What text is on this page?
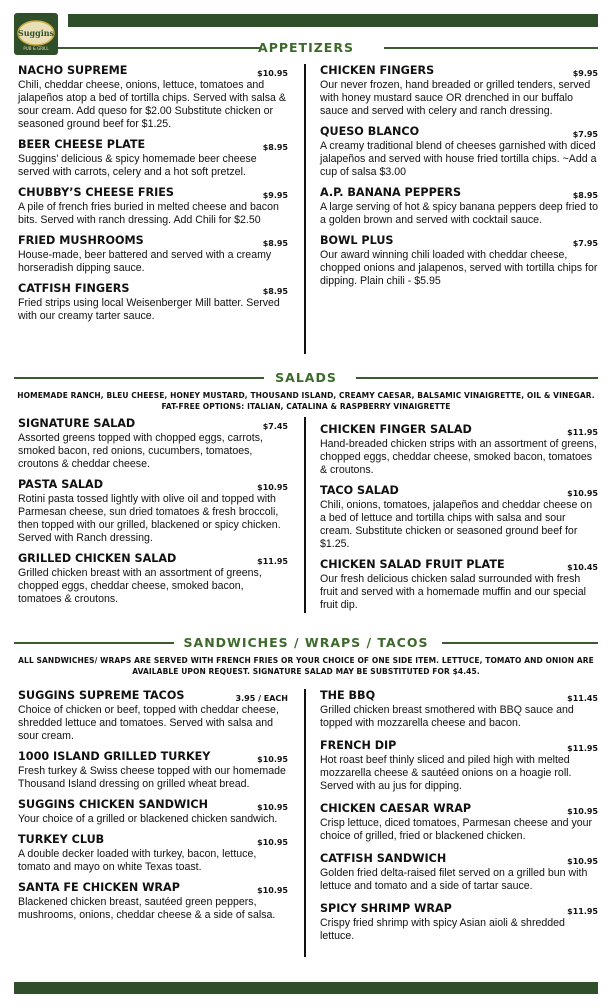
Suggins
PUB & GRILL	APPETIZERS
NACHO SUPREME	$10.95
Chili, cheddar cheese, onions, lettuce, tomatoes and jalapeños atop a bed of tortilla chips. Served with salsa & sour cream. Add queso for $2.00 Substitute chicken or seasoned ground beef for $1.25.
BEER CHEESE PLATE	$8.95
Suggins’ delicious & spicy homemade beer cheese served with carrots, celery and a hot soft pretzel.
CHUBBY’S CHEESE FRIES	$9.95
A pile of french fries buried in melted cheese and bacon bits. Served with ranch dressing. Add Chili for $2.50
FRIED MUSHROOMS	$8.95
House-made, beer battered and served with a creamy horseradish dipping sauce.
CATFISH FINGERS	$8.95
Fried strips using local Weisenberger Mill batter. Served with our creamy tarter sauce.
CHICKEN FINGERS	$9.95
Our never frozen, hand breaded or grilled tenders, served with honey mustard sauce OR drenched in our buffalo sauce and served with celery and ranch dressing.
QUESO BLANCO	$7.95
A creamy traditional blend of cheeses garnished with diced jalapeños and served with house fried tortilla chips. ~Add a cup of salsa $3.00
A.P. BANANA PEPPERS	$8.95
A large serving of hot & spicy banana peppers deep fried to a golden brown and served with cocktail sauce.
BOWL PLUS	$7.95
Our award winning chili loaded with cheddar cheese, chopped onions and jalapenos, served with tortilla chips for dipping. Plain chili - $5.95
SALADS
HOMEMADE RANCH, BLEU CHEESE, HONEY MUSTARD, THOUSAND ISLAND, CREAMY CAESAR, BALSAMIC VINAIGRETTE, OIL & VINEGAR. FAT-FREE OPTIONS: ITALIAN, CATALINA & RASPBERRY VINAIGRETTE
SIGNATURE SALAD	$7.45
Assorted greens topped with chopped eggs, carrots, smoked bacon, red onions, cucumbers, tomatoes, croutons & cheddar cheese.
PASTA SALAD	$10.95
Rotini pasta tossed lightly with olive oil and topped with Parmesan cheese, sun dried tomatoes & fresh broccoli, then topped with our grilled, blackened or spicy chicken. Served with Ranch dressing.
GRILLED CHICKEN SALAD	$11.95
Grilled chicken breast with an assortment of greens, chopped eggs, cheddar cheese, smoked bacon, tomatoes & croutons.
CHICKEN FINGER SALAD	$11.95
Hand-breaded chicken strips with an assortment of greens, chopped eggs, cheddar cheese, smoked bacon, tomatoes & croutons.
TACO SALAD	$10.95
Chili, onions, tomatoes, jalapeños and cheddar cheese on a bed of lettuce and tortilla chips with salsa and sour cream. Substitute chicken or seasoned ground beef for $1.25.
CHICKEN SALAD FRUIT PLATE	$10.45
Our fresh delicious chicken salad surrounded with fresh fruit and served with a homemade muffin and our special fruit dip.
SANDWICHES / WRAPS / TACOS
ALL SANDWICHES/ WRAPS ARE SERVED WITH FRENCH FRIES OR YOUR CHOICE OF ONE SIDE ITEM. LETTUCE, TOMATO AND ONION ARE AVAILABLE UPON REQUEST. SIGNATURE SALAD MAY BE SUBSTITUTED FOR $4.45.
SUGGINS SUPREME TACOS	3.95 / EACH
Choice of chicken or beef, topped with cheddar cheese, shredded lettuce and tomatoes. Served with salsa and sour cream.
1000 ISLAND GRILLED TURKEY	$10.95
Fresh turkey & Swiss cheese topped with our homemade Thousand Island dressing on grilled wheat bread.
SUGGINS CHICKEN SANDWICH	$10.95
Your choice of a grilled or blackened chicken sandwich.
TURKEY CLUB	$10.95
A double decker loaded with turkey, bacon, lettuce, tomato and mayo on white Texas toast.
SANTA FE CHICKEN WRAP	$10.95
Blackened chicken breast, sautéed green peppers, mushrooms, onions, cheddar cheese & a side of salsa.
THE BBQ	$11.45
Grilled chicken breast smothered with BBQ sauce and topped with mozzarella cheese and bacon.
FRENCH DIP	$11.95
Hot roast beef thinly sliced and piled high with melted mozzarella cheese & sautéed onions on a hoagie roll. Served with au jus for dipping.
CHICKEN CAESAR WRAP	$10.95
Crisp lettuce, diced tomatoes, Parmesan cheese and your choice of grilled, fried or blackened chicken.
CATFISH SANDWICH	$10.95
Golden fried delta-raised filet served on a grilled bun with lettuce and tomato and a side of tartar sauce.
SPICY SHRIMP WRAP	$11.95
Crispy fried shrimp with spicy Asian aioli & shredded lettuce.
